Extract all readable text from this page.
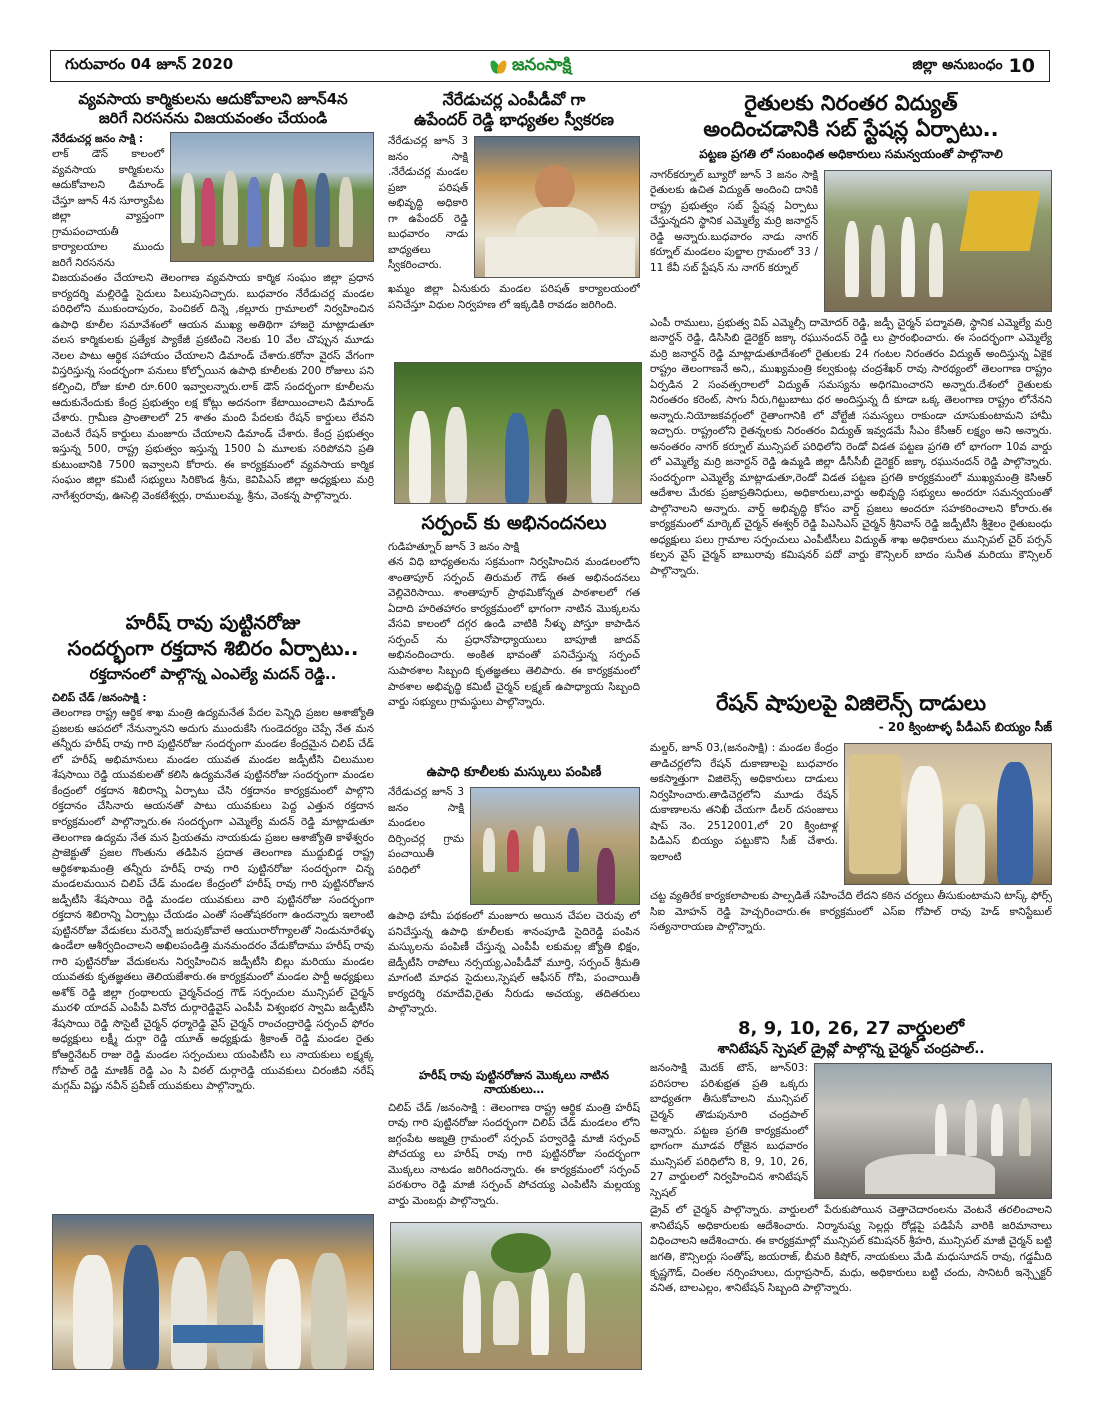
గురువారం 04 జూన్ 2020	జిల్లా అనుబంధం 10
జనంసాక్షి
వ్యవసాయ కార్మికులను ఆదుకోవాలని జూన్4న
జరిగే నిరసనను విజయవంతం చేయండి

నేరేడుచర్ల జనం సాక్షి :

లాక్ డౌన్ కాలంలో వ్యవసాయ కార్మికులను ఆదుకోవాలని డిమాండ్ చేస్తూ జూన్ 4న సూర్యాపేట జిల్లా వ్యాప్తంగా గ్రామపంచాయతీ కార్యాలయాల ముందు జరిగే నిరసనను

విజయవంతం చేయాలని తెలంగాణ వ్యవసాయ కార్మిక సంఘం జిల్లా ప్రధాన కార్యదర్శి మల్లిరెడ్డి సైదులు పిలుపునిచ్చారు. బుధవారం నేరేడుచర్ల మండల పరిధిలోని ముకుందాపురం, పెంచికల్ దిన్నె ,కల్లూరు గ్రామాలలో నిర్వహించిన ఉపాధి కూలీల సమావేశంలో ఆయన ముఖ్య అతిథిగా హాజరై మాట్లాడుతూ వలస కార్మికులకు ప్రత్యేక ప్యాకేజీ ప్రకటించి నెలకు 10 వేల చొప్పున మూడు నెలల పాటు ఆర్థిక సహాయం చేయాలని డిమాండ్ చేశారు.కరోనా వైరస్ వేగంగా విస్తరిస్తున్న సందర్భంగా పనులు కోల్పోయిన ఉపాధి కూలీలకు 200 రోజులు పని కల్పించి, రోజు కూలి రూ.600 ఇవ్వాలన్నారు.లాక్ డౌన్ సందర్భంగా కూలీలను ఆదుకునేందుకు కేంద్ర ప్రభుత్వం లక్ష కోట్లు అదనంగా కేటాయించాలని డిమాండ్ చేశారు. గ్రామీణ ప్రాంతాలలో 25 శాతం మంది పేదలకు రేషన్ కార్డులు లేవని వెంటనే రేషన్ కార్డులు మంజూరు చేయాలని డిమాండ్ చేశారు. కేంద్ర ప్రభుత్వం ఇస్తున్న 500, రాష్ట్ర ప్రభుత్వం ఇస్తున్న 1500 ఏ మూలకు సరిపోవని ప్రతి కుటుంబానికి 7500 ఇవ్వాలని కోరారు. ఈ కార్యక్రమంలో వ్యవసాయ కార్మిక సంఘం జిల్లా కమిటీ సభ్యులు సిరికొండ శ్రీను, కెవిపిఎస్ జిల్లా అధ్యక్షులు మర్రి నాగేశ్వరరావు, ఊసెల్లి వెంకటేశ్వర్లు, రాములమ్మ, శ్రీను, వెంకన్న పాల్గొన్నారు.

హరీష్ రావు పుట్టినరోజు
సందర్భంగా రక్తదాన శిబిరం ఏర్పాటు..

రక్తదానంలో పాల్గొన్న ఎంఎల్యే మదన్ రెడ్డి..

చిలిప్ చేడ్ /జనంసాక్షి :

తెలంగాణ రాష్ట్ర ఆర్థిక శాఖ మంత్రి ఉద్యమనేత పేదల పెన్నిధి ప్రజల ఆశాజ్యోతి ప్రజలకు ఆపదలో నేనున్నానని అదుగు ముందుకేసి గుండెదర్యం చెప్పే నేత మన తన్నీరు హరీష్ రావు గారి పుట్టినరోజు సందర్భంగా మండల కేంద్రమైన చిలిప్ చేడ్ లో హరీష్ అభిమానులు మండల యువత మండల జడ్పీటీసి చిలుముల శేషసాయి రెడ్డి యువకులతో కలిసి ఉద్యమనేత పుట్టినరోజు సందర్భంగా మండల కేంద్రంలో రక్తదాన శిబిరాన్ని ఏర్పాటు చేసి రక్తదానం కార్యక్రమంలో పాల్గొని రక్తదానం చేసినారు ఆయనతో పాటు యువకులు పెద్ద ఎత్తున రక్తదాన కార్యక్రమంలో పాల్గొన్నారు.ఈ సందర్భంగా ఎమ్మెల్యే మదన్ రెడ్డి మాట్లాడుతూ తెలంగాణ ఉద్యమ నేత మన ప్రియతమ నాయకుడు ప్రజల ఆశాజ్యోతి కాళేశ్వరం ప్రాజెక్టుతో ప్రజల గొంతును తడిపిన ప్రదాత తెలంగాణ ముద్దుబిడ్డ రాష్ట్ర ఆర్థికశాఖమంత్రి తన్నీరు హరీష్ రావు గారి పుట్టినరోజు సందర్భంగా చిన్న మండలమయిన చిలిప్ చేడ్ మండల కేంద్రంలో హరీష్ రావు గారి పుట్టినరోజున జడ్పీటీసి శేషసాయి రెడ్డి మండల యువకులు వారి పుట్టినరోజు సందర్భంగా రక్తదాన శిబిరాన్ని ఏర్పాట్లు చేయడం ఎంతో సంతోషకరంగా ఉందన్నారు ఇలాంటి పుట్టినరోజు వేడుకలు మరెన్నో జరుపుకోవాలే ఆయురారోగ్యాలతో నిండునూరేళ్ళు ఉండేలా ఆశీర్వదించాలని అఖిలపండిత్తి మనమందరం వేడుకోదాము హరీష్ రావు గారి పుట్టినరోజు వేదుకలను నిర్వహించిన జడ్పీటీసి బిల్లు మరియు మండల యువతకు కృతజ్ఞతలు తెలియజేశారు.ఈ కార్యక్రమంలో మండల పార్టీ అధ్యక్షులు అశోక్ రెడ్డి జిల్లా గ్రంథాలయ చైర్మన్‌చంద్ర గౌడ్ సర్పంచుల మున్సిపల్ చైర్మన్ మురళి యాదవ్ ఎంపీపీ వినోద దుర్గారెడ్డివైస్ ఎంపీపీ విశ్వంభర స్వామి జడ్పీటీసి శేషసాయి రెడ్డి సొసైటీ చైర్మన్ ధర్మారెడ్డి వైస్ చైర్మన్ రాంచంద్రారెడ్డి సర్పంచ్ ఫోరం అధ్యక్షులు లక్ష్మీ దుర్గా రెడ్డి యూత్ అధ్యక్షుడు శ్రీకాంత్ రెడ్డి మండల రైతు కోఆర్డినేటర్ రాజు రెడ్డి మండల సర్పంచులు యంపిటీసి లు నాయకులు లక్ష్మక్క గోపాల్ రెడ్డి మాణిక్ రెడ్డి ఎం సి విఠల్ దుర్గారెడ్డి యువకులు చిరంజీవి నరేష్ మగ్గమ్ విష్ణు నవీన్ ప్రవీణ్ యువకులు పాల్గొన్నారు.

నేరేడుచర్ల ఎంపీడీవో గా
ఉపేందర్ రెడ్డి భాధ్యతల స్వీకరణ

నేరేడుచర్ల జూన్ 3 జనం సాక్షి .నేరేడుచర్ల మండల ప్రజా పరిషత్ అభివృద్ధి అధికారి గా ఉపేందర్ రెడ్డి బుధవారం నాడు బాధ్యతలు స్వీకరించారు.

ఖమ్మం జిల్లా ఏనుకురు మండల పరిషత్ కార్యాలయంలో పనిచేస్తూ విధుల నిర్వహణ లో ఇక్కడికి రావడం జరిగింది.

సర్పంచ్ కు అభినందనలు

గుడిహత్నూర్ జూన్ 3 జనం సాక్షి

తన విధి బాధ్యతలను సక్రమంగా నిర్వహించిన మండలంలోని శాంతాపూర్ సర్పంచ్ తిరుమల్ గౌడ్ ఈత అభినందనలు వెల్లివెరిసాయి. శాంతాపూర్ ప్రాథమికోన్నత పాఠశాలలో గత ఏదాది హరితహారం కార్యక్రమంలో భాగంగా నాటిన మొక్కలను వేసవి కాలంలో దగ్గర ఉండి వాటికి నీళ్ళు పోస్తూ కాపాడిన సర్పంచ్ ను ప్రధానోపాధ్యాయులు బాపూజీ జాదవ్ అభినందించారు. అంకిత భావంతో పనిచేస్తున్న సర్పంచ్ సుపాఠశాల సిబ్బంది కృతజ్ఞతలు తెలిపారు. ఈ కార్యక్రమంలో పాఠశాల అభివృద్ధి కమిటీ చైర్మన్ లక్ష్మణ్ ఉపాధ్యాయ సిబ్బంది వార్డు సభ్యులు గ్రామస్థులు పాల్గొన్నారు.

ఉపాధి కూలీలకు మస్కులు పంపిణీ

నేరేడుచర్ల జూన్ 3 జనం సాక్షి మండలం దిర్సించర్ల గ్రామ పంచాయితీ పరిధిలో

ఉపాధి హామీ పథకంలో మంజూరు అయిన చేపల చెరువు లో పనిచేస్తున్న ఉపాధి కూలీలకు శానంపూడి సైదిరెడ్డి పంపిన మస్కులను పంపిణీ చేస్తున్న ఎంపీపీ లకుమల్ల జ్యోతి భిక్షం, జెడ్పీటీసి రాపోలు నర్సయ్య,ఎంపీడీవో మూర్తి, సర్పంచ్ శ్రీమతి మాగంటి మాధవ సైదులు,స్పెషల్ ఆఫీసర్ గోపి, పంచాయితీ కార్యదర్శి రమాదేవి,రైతు నీరుడు అచయ్య, తదితరులు పాల్గొన్నారు.

హరీష్ రావు పుట్టినరోజున మొక్కలు నాటిన నాయకులు…

చిలిప్ చేడ్ /జనంసాక్షి : తెలంగాణ రాష్ట్ర ఆర్థిక మంత్రి హరీష్ రావు గారి పుట్టినరోజు సందర్భంగా చిలిప్ చేడ్ మండలం లోని జగ్గంపేట అజ్మత్రి గ్రామంలో సర్పంచ్ పర్వారెడ్డి మాజీ సర్పంచ్ పోచయ్య లు హరీష్ రావు గారి పుట్టినరోజు సందర్భంగా మొక్కలు నాటడం జరిగిందన్నారు. ఈ కార్యక్రమంలో సర్పంచ్ పరశురాం రెడ్డి మాజీ సర్పంచ్ పోచయ్య ఎంపిటీసి మల్లయ్య వార్డు మెంబర్లు పాల్గొన్నారు.

రైతులకు నిరంతర విద్యుత్
అందించడానికి సబ్ స్టేషన్ల ఏర్పాటు..

పట్టణ ప్రగతి లో సంబంధిత అధికారులు సమన్వయంతో పాల్గొనాలి

నాగర్‌కర్నూల్ బ్యూరో జూన్ 3 జనం సాక్షి రైతులకు ఉచిత విద్యుత్ అందించి దానికి రాష్ట్ర ప్రభుత్వం సబ్ స్టేషన్ల ఏర్పాటు చేస్తున్నదని స్థానిక ఎమ్మెల్యే మర్రి జనార్దన్ రెడ్డి అన్నారు.బుధవారం నాడు నాగర్ కర్నూల్ మండలం పుల్జాల గ్రామంలో 33 / 11 కేవీ సబ్ స్టేషన్ ను నాగర్ కర్నూల్

ఎంపీ రాములు, ప్రభుత్వ విప్ ఎమ్మెల్సీ దామోదర్ రెడ్డి, జడ్పీ చైర్మన్ పద్మావతి, స్థానిక ఎమ్మెల్యే మర్రి జనార్దన్ రెడ్డి, డిసిసిబి డైరెక్టర్ జక్కా రఘునందన్ రెడ్డి లు ప్రారంభించారు. ఈ సందర్భంగా ఎమ్మెల్యే మర్రి జనార్దన్ రెడ్డి మాట్లాడుతూదేశంలో రైతులకు 24 గంటల నిరంతరం విద్యుత్ అందిస్తున్న ఏకైక రాష్ట్రం తెలంగాణనే అని,, ముఖ్యమంత్రి కల్వకుంట్ల చంద్రశేఖర్ రావు సారథ్యంలో తెలంగాణ రాష్ట్రం ఏర్పడిన 2 సంవత్సరాలలో విద్యుత్ సమస్యను అధిగమించారని అన్నారు.దేశంలో రైతులకు నిరంతరం కరెంట్, సాగు నీరు,గిట్టుబాటు ధర అందిస్తున్న దీ కూడా ఒక్క తెలంగాణ రాష్ట్రం లోనేనని అన్నారు.నియోజకవర్గంలో రైతాంగానికి లో వోల్టేజీ సమస్యలు రాకుండా చూసుకుంటామని హామీ ఇచ్చారు. రాష్ట్రంలోని రైతన్నలకు నిరంతరం విద్యుత్ ఇవ్వడమే సీఎం కేసీఆర్ లక్ష్యం అని అన్నారు. అనంతరం నాగర్ కర్నూల్ మున్సిపల్ పరిధిలోని రెండో విడత పట్టణ ప్రగతి లో భాగంగా 10వ వార్డు లో ఎమ్మెల్యే మర్రి జనార్దన్ రెడ్డి ఉమ్మడి జిల్లా డీసీసీబీ డైరెక్టర్ జక్కా రఘునందన్ రెడ్డి పాల్గొన్నారు. సందర్భంగా ఎమ్మెల్యే మాట్లాడుతూ,రెండో విడత పట్టణ ప్రగతి కార్యక్రమంలో ముఖ్యమంత్రి కెసిఆర్ ఆదేశాల మేరకు ప్రజాప్రతినిధులు, అధికారులు,వార్డు అభివృద్ధి సభ్యులు అందరూ సమన్వయంతో పాల్గొనాలని అన్నారు. వార్డ్ అభివృద్ధి కోసం వార్డ్ ప్రజలు అందరూ సహకరించాలని కోరారు.ఈ కార్యక్రమంలో మార్కెట్ చైర్మన్ ఈశ్వర్ రెడ్డి పిఎసిఎస్ చైర్మన్ శ్రీనివాస్ రెడ్డి జడ్పీటీసి శ్రీశైలం రైతుబంధు అధ్యక్షులు పలు గ్రామాల సర్పంచులు ఎంపీటీసీలు విద్యుత్ శాఖ అధికారులు మున్సిపల్ చైర్ పర్సన్ కల్పన వైస్ చైర్మన్ బాబురావు కమిషనర్ పదో వార్డు కౌన్సిలర్ బాదం సునీత మరియు కౌన్సిలర్ పాల్గొన్నారు.

రేషన్ షాపులపై విజిలెన్స్ దాడులు

- 20 క్వింటాళ్ళ పీడీఎస్ బియ్యం సీజ్

మల్దర్, జూన్ 03,(జనంసాక్షి) : మండల కేంద్రం తాడిచర్లలోని రేషన్ దుకాణాలపై బుధవారం అకస్మాత్తుగా విజిలెన్స్ అధికారులు దాడులు నిర్వహించారు.తాడిచెర్లలోని మూడు రేషన్ దుకాణాలను తనిఖీ చేయగా డీలర్ దసంజులు షాప్ నెం. 2512001,లో 20 క్వింటాళ్ల పిడిఎస్ బియ్యం పట్టుకొని సీజ్ చేశారు. ఇలాంటి

చట్ట వ్యతిరేక కార్యకలాపాలకు పాల్పడితే సహించేది లేదని కఠిన చర్యలు తీసుకుంటామని టాస్క్ ఫోర్స్ సిఐ మోహన్ రెడ్డి హెచ్చరించారు.ఈ కార్యక్రమంలో ఎస్ఐ గోపాల్ రావు హెడ్ కానిస్టేబుల్ సత్యనారాయణ పాల్గొన్నారు.

8, 9, 10, 26, 27 వార్డులలో
శానిటేషన్ స్పెషల్ డ్రైవ్లో పాల్గొన్న చైర్మన్ చంద్రపాల్..

జనంసాక్షి మెదక్ టౌన్, జూన్03: పరిసరాల పరిశుభ్రత ప్రతి ఒక్కరు బాధ్యతగా తీసుకోవాలని మున్సిపల్ చైర్మన్ తొడుపునూరి చంద్రపాల్ అన్నారు. పట్టణ ప్రగతి కార్యక్రమంలో భాగంగా మూడవ రోజైన బుధవారం మున్సిపల్ పరిధిలోని 8, 9, 10, 26, 27 వార్డులలో నిర్వహించిన శానిటేషన్ స్పెషల్

డ్రైవ్ లో చైర్మన్ పాల్గొన్నారు. వార్డులలో పేరుకుపోయిన చెత్తాచెదారంలను వెంటనే తరలించాలని శానిటేషన్ అధికారులకు ఆదేశించారు. నిర్మానుష్య సెల్లర్లు రోడ్లపై పడిపేసే వారికి జరిమానాలు విధించాలని ఆదేశించారు. ఈ కార్యక్రమాల్లో మున్సిపల్ కమిషనర్ శ్రీహరి, మున్సిపల్ మాజీ చైర్మన్ బట్టి జగతి, కౌన్సిలర్లు సంతోష్, జయరాజ్, బీమరి కిషోర్, నాయకులు మేడి మధుసూదన్ రావు, గడ్డమీది కృష్ణగౌడ్, చింతల నర్సింహులు, దుర్గాప్రసాద్, మధు, అధికారులు బట్టి చందు, సానిటరీ ఇన్స్పెక్టర్ వనిత, బాలఎల్లం, శానిటేషన్ సిబ్బంది పాల్గొన్నారు.
